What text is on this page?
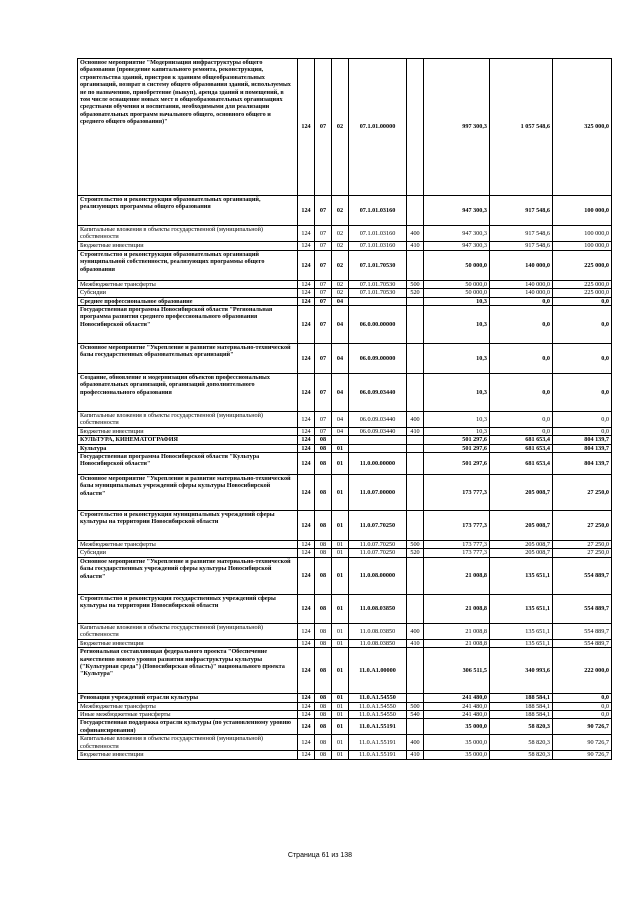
Основное мероприятие "Модернизация инфраструктуры общего образования (проведение капитального ремонта, реконструкции, строительства зданий, пристроя к зданиям общеобразовательных организаций, возврат в систему общего образования зданий, используемых не по назначению, приобретение (выкуп), аренда зданий и помещений, в том числе оснащение новых мест в общеобразовательных организациях средствами обучения и воспитания, необходимыми для реализации образовательных программ начального общего, основного общего и среднего общего образования)"	124	07	02	07.1.01.00000		997 300,3	1 057 548,6	325 000,0
Строительство и реконструкция образовательных организаций, реализующих программы общего образования	124	07	02	07.1.01.03160		947 300,3	917 548,6	100 000,0
Капитальные вложения в объекты государственной (муниципальной) собственности	124	07	02	07.1.01.03160	400	947 300,3	917 548,6	100 000,0
Бюджетные инвестиции	124	07	02	07.1.01.03160	410	947 300,3	917 548,6	100 000,0
Строительство и реконструкция образовательных организаций муниципальной собственности, реализующих программы общего образования	124	07	02	07.1.01.70530		50 000,0	140 000,0	225 000,0
Межбюджетные трансферты	124	07	02	07.1.01.70530	500	50 000,0	140 000,0	225 000,0
Субсидии	124	07	02	07.1.01.70530	520	50 000,0	140 000,0	225 000,0
Среднее профессиональное образование	124	07	04			10,3	0,0	0,0
Государственная программа Новосибирской области "Региональная программа развития среднего профессионального образования Новосибирской области"	124	07	04	06.0.00.00000		10,3	0,0	0,0
Основное мероприятие "Укрепление и развитие материально-технической базы государственных образовательных организаций"	124	07	04	06.0.09.00000		10,3	0,0	0,0
Создание, обновление и модернизация объектов профессиональных образовательных организаций, организаций дополнительного профессионального образования	124	07	04	06.0.09.03440		10,3	0,0	0,0
Капитальные вложения в объекты государственной (муниципальной) собственности	124	07	04	06.0.09.03440	400	10,3	0,0	0,0
Бюджетные инвестиции	124	07	04	06.0.09.03440	410	10,3	0,0	0,0
КУЛЬТУРА, КИНЕМАТОГРАФИЯ	124	08				501 297,6	681 653,4	804 139,7
Культура	124	08	01			501 297,6	681 653,4	804 139,7
Государственная программа Новосибирской области "Культура Новосибирской области"	124	08	01	11.0.00.00000		501 297,6	681 653,4	804 139,7
Основное мероприятие "Укрепление и развитие материально-технической базы муниципальных учреждений сферы культуры Новосибирской области"	124	08	01	11.0.07.00000		173 777,3	205 008,7	27 250,0
Строительство и реконструкция муниципальных учреждений сферы культуры на территории Новосибирской области	124	08	01	11.0.07.70250		173 777,3	205 008,7	27 250,0
Межбюджетные трансферты	124	08	01	11.0.07.70250	500	173 777,3	205 008,7	27 250,0
Субсидии	124	08	01	11.0.07.70250	520	173 777,3	205 008,7	27 250,0
Основное мероприятие "Укрепление и развитие материально-технической базы государственных учреждений сферы культуры Новосибирской области"	124	08	01	11.0.08.00000		21 008,8	135 651,1	554 889,7
Строительство и реконструкция государственных учреждений сферы культуры на территории Новосибирской области	124	08	01	11.0.08.03850		21 008,8	135 651,1	554 889,7
Капитальные вложения в объекты государственной (муниципальной) собственности	124	08	01	11.0.08.03850	400	21 008,8	135 651,1	554 889,7
Бюджетные инвестиции	124	08	01	11.0.08.03850	410	21 008,8	135 651,1	554 889,7
Региональная составляющая федерального проекта "Обеспечение качественно нового уровня развития инфраструктуры культуры ("Культурная среда") (Новосибирская область)" национального проекта "Культура"	124	08	01	11.0.A1.00000		306 511,5	340 993,6	222 000,0
Реновация учреждений отрасли культуры	124	08	01	11.0.A1.54550		241 480,0	188 584,1	0,0
Межбюджетные трансферты	124	08	01	11.0.A1.54550	500	241 480,0	188 584,1	0,0
Иные межбюджетные трансферты	124	08	01	11.0.A1.54550	540	241 480,0	188 584,1	0,0
Государственная поддержка отрасли культуры (по установленному уровню софинансирования)	124	08	01	11.0.A1.55191		35 000,0	58 820,3	90 726,7
Капитальные вложения в объекты государственной (муниципальной) собственности	124	08	01	11.0.A1.55191	400	35 000,0	58 820,3	90 726,7
Бюджетные инвестиции	124	08	01	11.0.A1.55191	410	35 000,0	58 820,3	90 726,7
Страница 61 из 138
